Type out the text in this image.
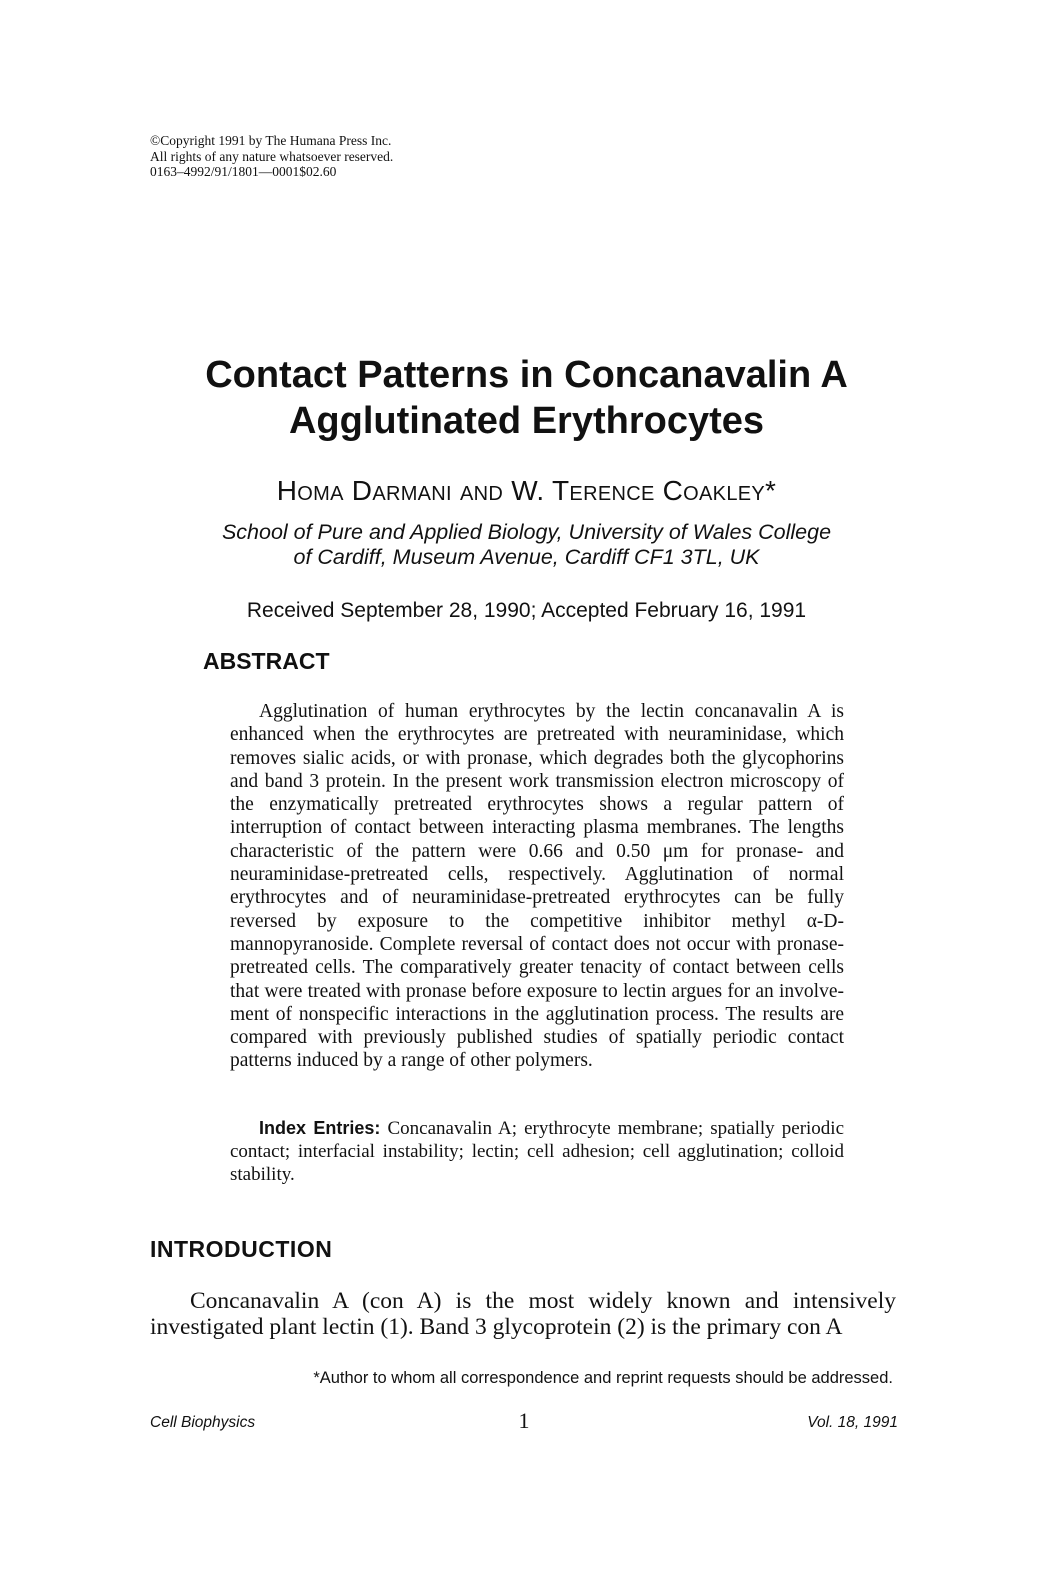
©Copyright 1991 by The Humana Press Inc.
All rights of any nature whatsoever reserved.
0163–4992/91/1801—0001$02.60
Contact Patterns in Concanavalin A
Agglutinated Erythrocytes
Homa Darmani and W. Terence Coakley*
School of Pure and Applied Biology, University of Wales College
of Cardiff, Museum Avenue, Cardiff CF1 3TL, UK
Received September 28, 1990; Accepted February 16, 1991
ABSTRACT
Agglutination of human erythrocytes by the lectin concanavalin A is enhanced when the erythrocytes are pretreated with neuraminidase, which removes sialic acids, or with pronase, which degrades both the glycophorins and band 3 protein. In the present work transmission electron microscopy of the enzymatically pretreated erythrocytes shows a regular pattern of interruption of contact between interacting plasma membranes. The lengths characteristic of the pattern were 0.66 and 0.50 μm for pronase- and neuraminidase-pretreated cells, respectively. Agglutination of normal erythrocytes and of neuraminidase-pretreated erythrocytes can be fully reversed by exposure to the competitive inhibitor methyl α-D-mannopyranoside. Complete reversal of contact does not occur with pronase-pretreated cells. The comparatively greater tenacity of contact between cells that were treated with pronase before exposure to lectin argues for an involvement of nonspecific interactions in the agglutination process. The results are compared with previously published studies of spatially periodic contact patterns induced by a range of other polymers.
Index Entries: Concanavalin A; erythrocyte membrane; spatially periodic contact; interfacial instability; lectin; cell adhesion; cell agglutination; colloid stability.
INTRODUCTION
Concanavalin A (con A) is the most widely known and intensively investigated plant lectin (1). Band 3 glycoprotein (2) is the primary con A
*Author to whom all correspondence and reprint requests should be addressed.
Cell Biophysics	1	Vol. 18, 1991
